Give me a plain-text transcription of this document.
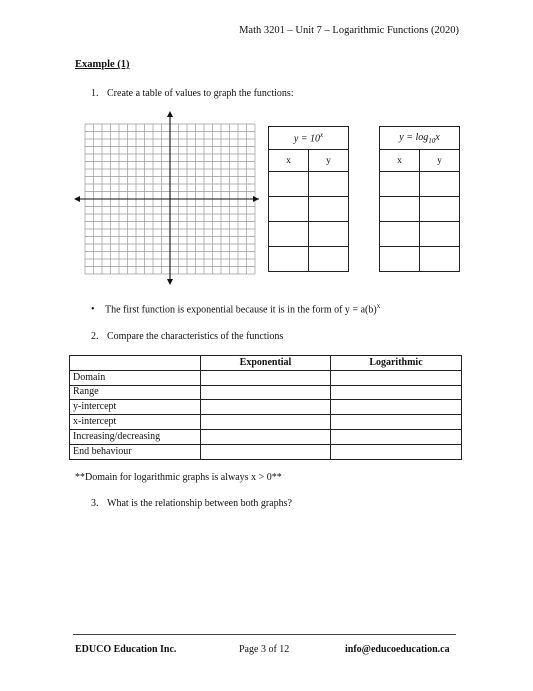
Math 3201 – Unit 7 – Logarithmic Functions (2020)
Example (1)
1. Create a table of values to graph the functions:
$y = 10^x$
x	y

$y = \log_{10}x$	
x	y

• The first function is exponential because it is in the form of $y = a(b)^x$
2. Compare the characteristics of the functions
	Exponential	Logarithmic
Domain		
Range		
y-intercept		
x-intercept		
Increasing/decreasing		
End behaviour		
**Domain for logarithmic graphs is always x > 0**
3. What is the relationship between both graphs?
EDUCO Education Inc.	Page 3 of 12	info@educoeducation.ca
